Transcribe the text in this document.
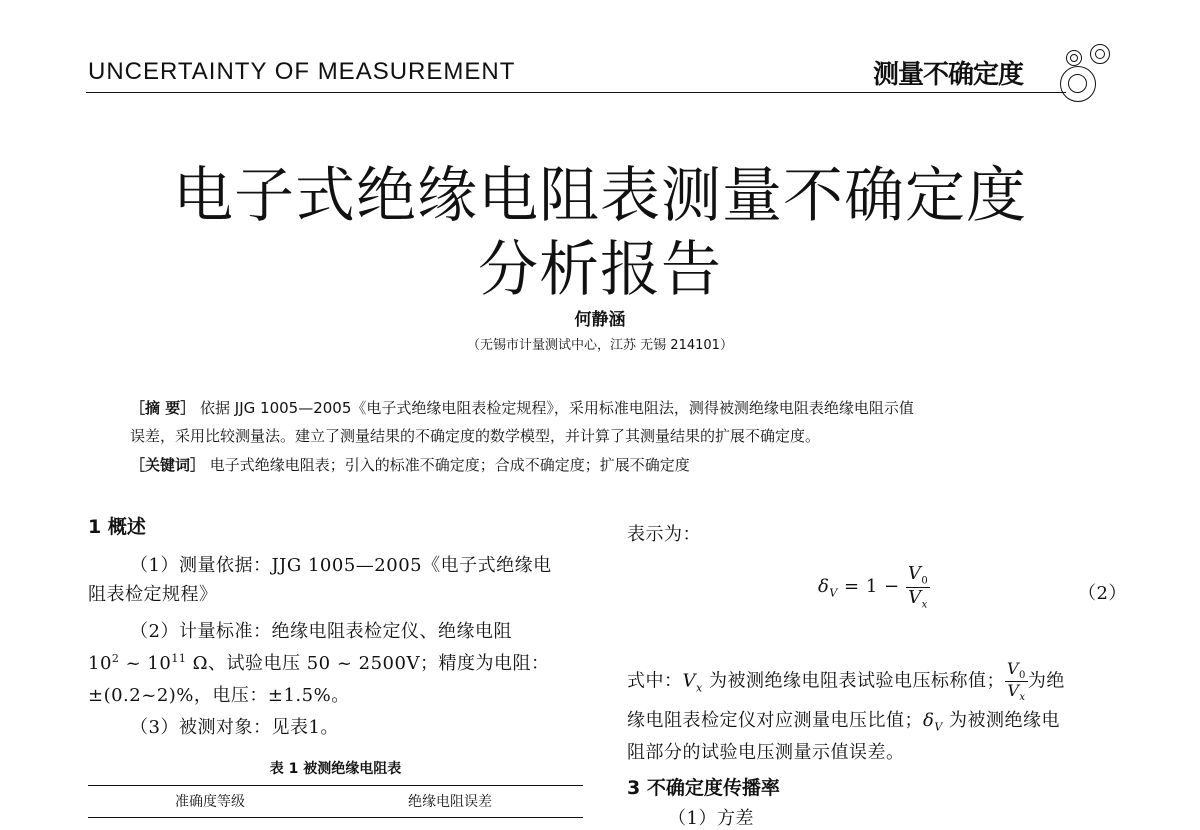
UNCERTAINTY OF MEASUREMENT	测量不确定度
电子式绝缘电阻表测量不确定度
分析报告
何静涵
（无锡市计量测试中心，江苏 无锡 214101）
［摘 要］ 依据 JJG 1005—2005《电子式绝缘电阻表检定规程》，采用标准电阻法，测得被测绝缘电阻表绝缘电阻示值
误差，采用比较测量法。建立了测量结果的不确定度的数学模型，并计算了其测量结果的扩展不确定度。
［关键词］ 电子式绝缘电阻表；引入的标准不确定度；合成不确定度；扩展不确定度
1 概述
（1）测量依据：JJG 1005—2005《电子式绝缘电
阻表检定规程》
（2）计量标准：绝缘电阻表检定仪、绝缘电阻
$10^2$ ~ $10^{11}$ Ω、试验电压 50 ~ 2500V；精度为电阻：
±(0.2~2)%，电压：±1.5%。
（3）被测对象：见表1。
表 1 被测绝缘电阻表
准确度等级	绝缘电阻误差
表示为：
$\delta_V = 1 - \frac{V_0}{V_x}$	（2）
式中：$V_x$ 为被测绝缘电阻表试验电压标称值； $\frac{V_0}{V_x}$ 为绝
缘电阻表检定仪对应测量电压比值；$\delta_V$ 为被测绝缘电
阻部分的试验电压测量示值误差。
3 不确定度传播率
（1）方差
